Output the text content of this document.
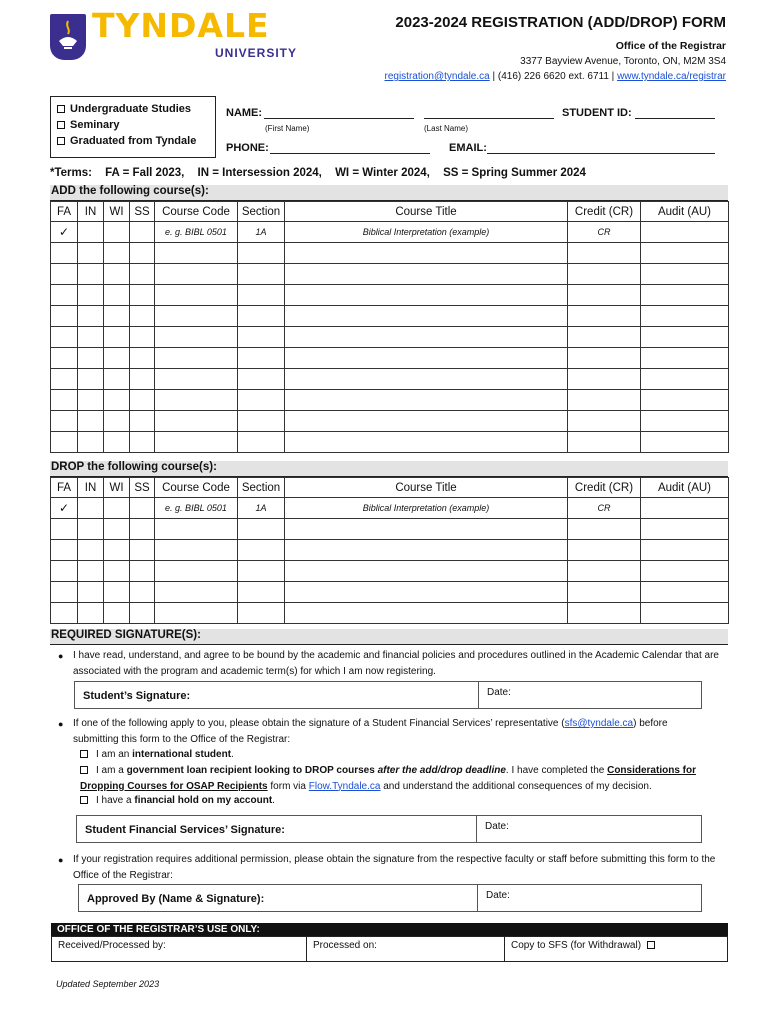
TYNDALE
UNIVERSITY
2023-2024 REGISTRATION (ADD/DROP) FORM
Office of the Registrar
3377 Bayview Avenue, Toronto, ON, M2M 3S4
registration@tyndale.ca | (416) 226 6620 ext. 6711 | www.tyndale.ca/registrar
Undergraduate Studies
Seminary
Graduated from Tyndale
NAME:
(First Name)	(Last Name)
STUDENT ID:
PHONE:	EMAIL:
*Terms: FA = Fall 2023, IN = Intersession 2024, WI = Winter 2024, SS = Spring Summer 2024
ADD the following course(s):
FA	IN	WI	SS	Course Code	Section	Course Title	Credit (CR)	Audit (AU)
✓				e. g. BIBL 0501	1A	Biblical Interpretation (example)	CR	

DROP the following course(s):
FA	IN	WI	SS	Course Code	Section	Course Title	Credit (CR)	Audit (AU)
✓				e. g. BIBL 0501	1A	Biblical Interpretation (example)	CR	

REQUIRED SIGNATURE(S):
● I have read, understand, and agree to be bound by the academic and financial policies and procedures outlined in the Academic Calendar that are associated with the program and academic term(s) for which I am now registering.
Student’s Signature:	Date:
● If one of the following apply to you, please obtain the signature of a Student Financial Services’ representative (sfs@tyndale.ca) before submitting this form to the Office of the Registrar:
I am an international student.
I am a government loan recipient looking to DROP courses after the add/drop deadline. I have completed the Considerations for Dropping Courses for OSAP Recipients form via Flow.Tyndale.ca and understand the additional consequences of my decision.
I have a financial hold on my account.
Student Financial Services’ Signature:	Date:
● If your registration requires additional permission, please obtain the signature from the respective faculty or staff before submitting this form to the Office of the Registrar:
Approved By (Name & Signature):	Date:
OFFICE OF THE REGISTRAR’S USE ONLY:
Received/Processed by:	Processed on:	Copy to SFS (for Withdrawal)
Updated September 2023
